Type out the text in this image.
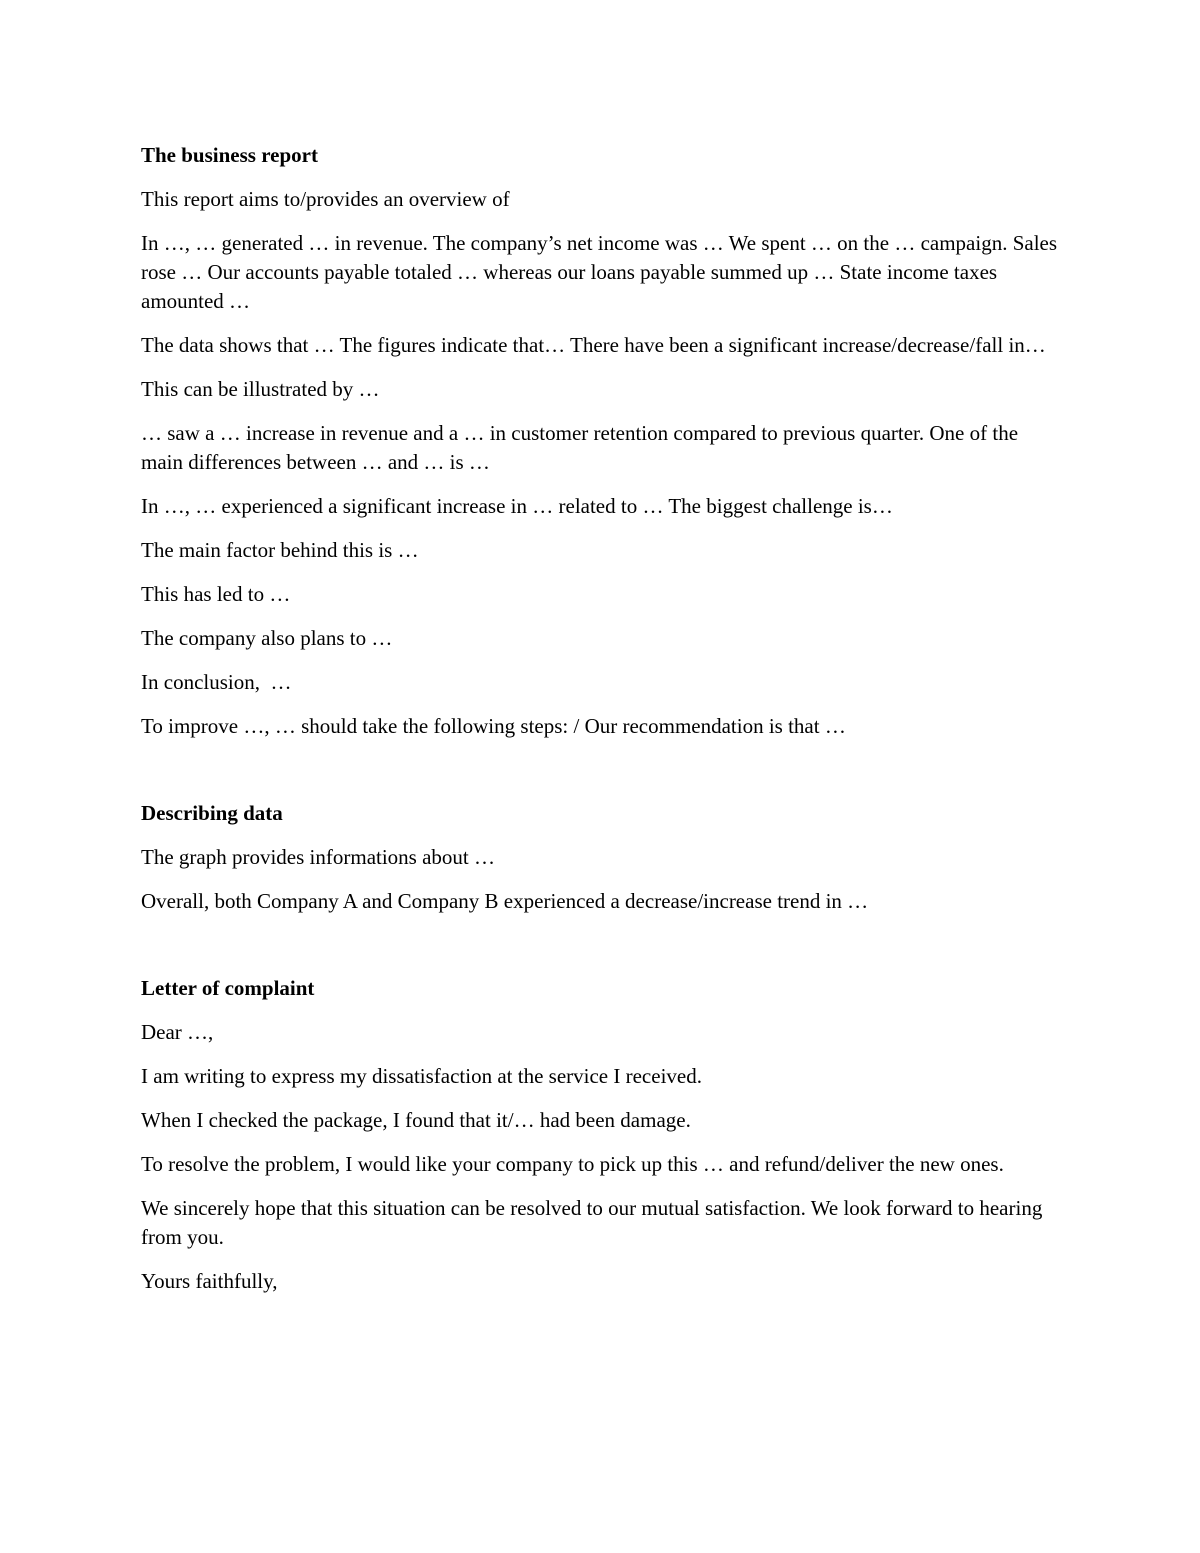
The business report

This report aims to/provides an overview of

In …, … generated … in revenue. The company’s net income was … We spent … on the … campaign. Sales rose … Our accounts payable totaled … whereas our loans payable summed up … State income taxes amounted …

The data shows that … The figures indicate that… There have been a significant increase/decrease/fall in…

This can be illustrated by …

… saw a … increase in revenue and a … in customer retention compared to previous quarter. One of the main differences between … and … is …

In …, … experienced a significant increase in … related to … The biggest challenge is…

The main factor behind this is …

This has led to …

The company also plans to …

In conclusion,  …

To improve …, … should take the following steps: / Our recommendation is that …

Describing data

The graph provides informations about …

Overall, both Company A and Company B experienced a decrease/increase trend in …

Letter of complaint

Dear …,

I am writing to express my dissatisfaction at the service I received.

When I checked the package, I found that it/… had been damage.

To resolve the problem, I would like your company to pick up this … and refund/deliver the new ones.

We sincerely hope that this situation can be resolved to our mutual satisfaction. We look forward to hearing from you.

Yours faithfully,
